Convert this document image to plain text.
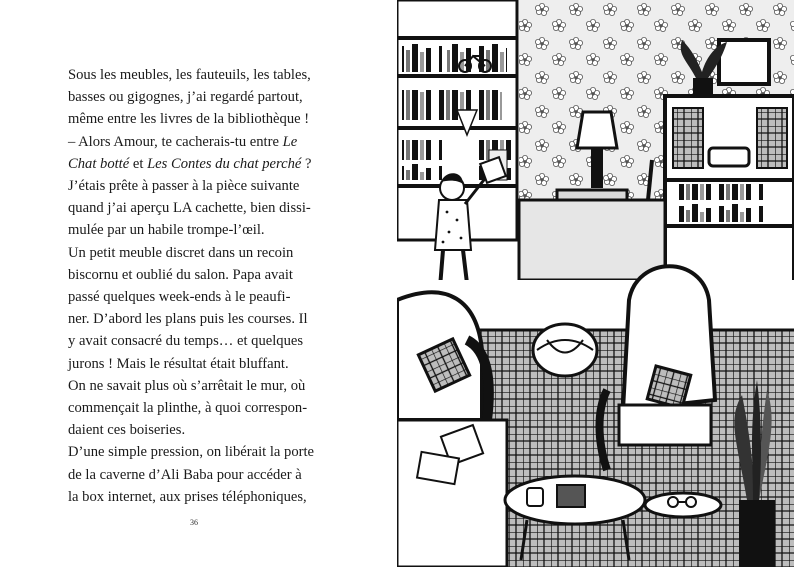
Sous les meubles, les fauteuils, les tables,
basses ou gigognes, j’ai regardé partout,
même entre les livres de la bibliothèque !

– Alors Amour, te cacherais-tu entre Le
Chat botté et Les Contes du chat perché ?

J’étais prête à passer à la pièce suivante
quand j’ai aperçu LA cachette, bien dissi-
mulée par un habile trompe-l’œil.

Un petit meuble discret dans un recoin
biscornu et oublié du salon. Papa avait
passé quelques week-ends à le peaufi-
ner. D’abord les plans puis les courses. Il
y avait consacré du temps… et quelques
jurons ! Mais le résultat était bluffant.
On ne savait plus où s’arrêtait le mur, où
commençait la plinthe, à quoi correspon-
daient ces boiseries.

D’une simple pression, on libérait la porte
de la caverne d’Ali Baba pour accéder à
la box internet, aux prises téléphoniques,

36
